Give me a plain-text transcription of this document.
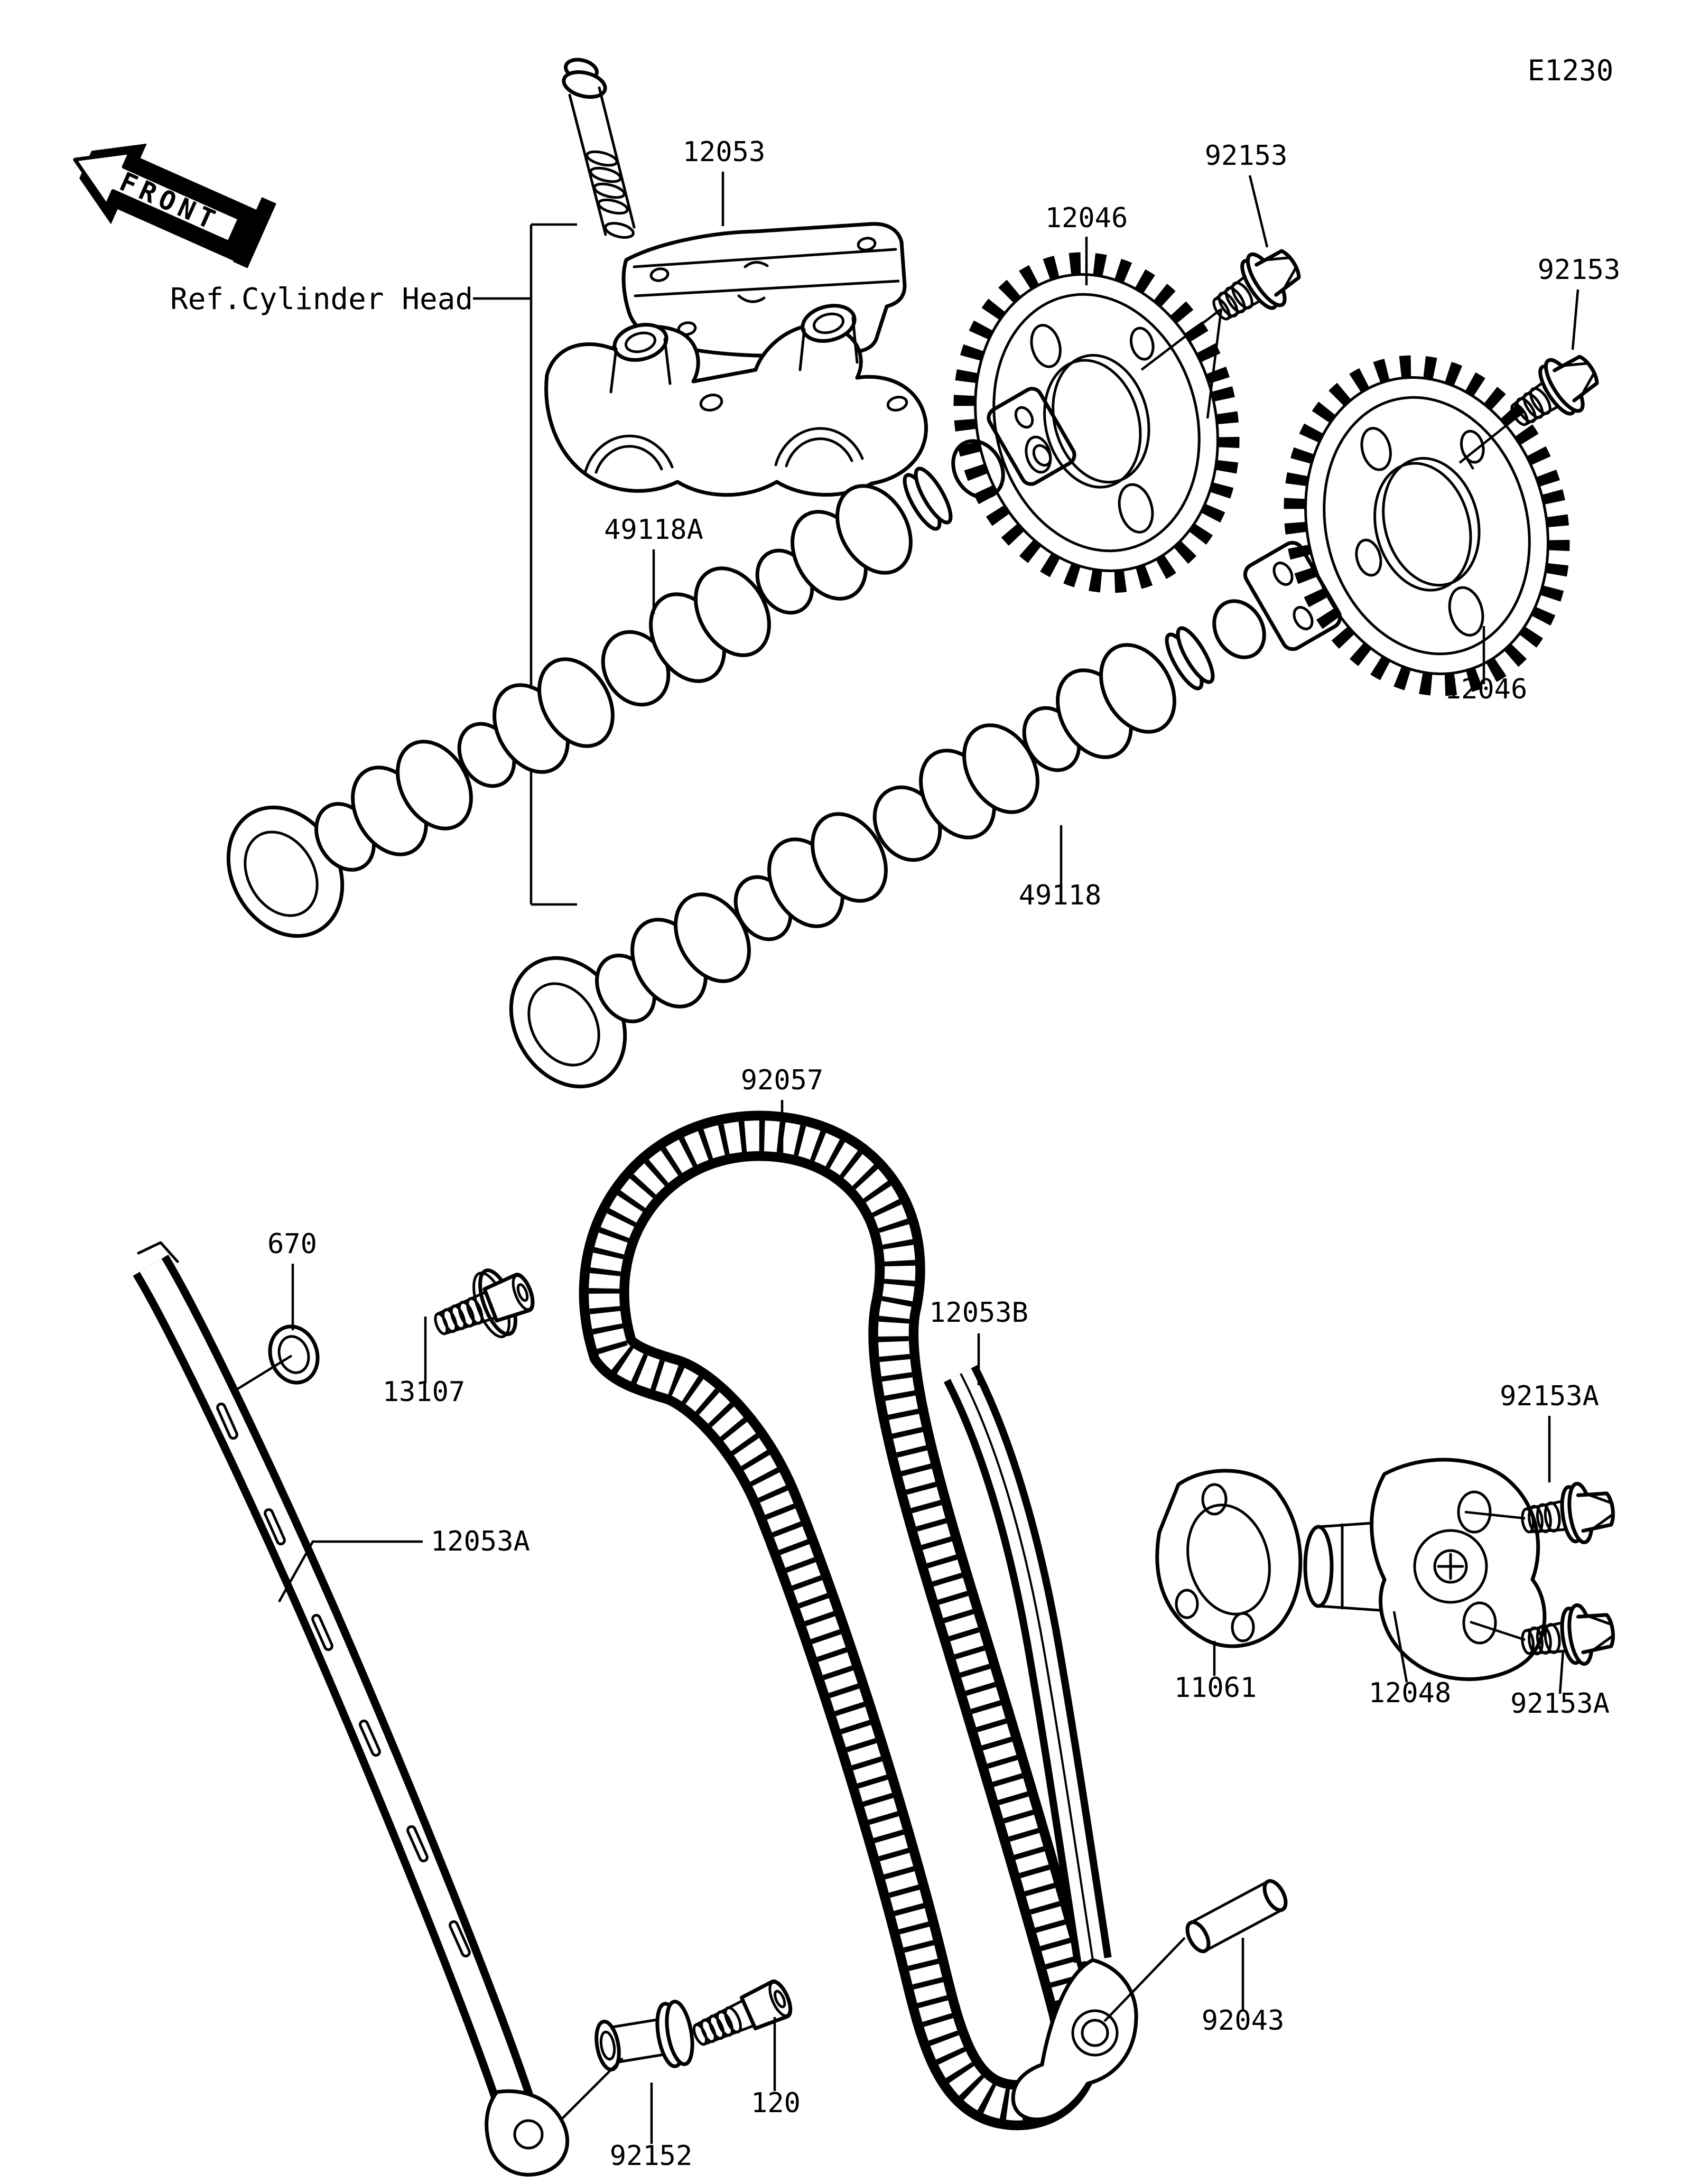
E1230
FRONT
Ref.Cylinder Head
12053	92153
12046
92153
49118A
12046
49118
92057
670
13107
12053B
12053A
92153A
11061	12048 92153A
92043
120
92152
